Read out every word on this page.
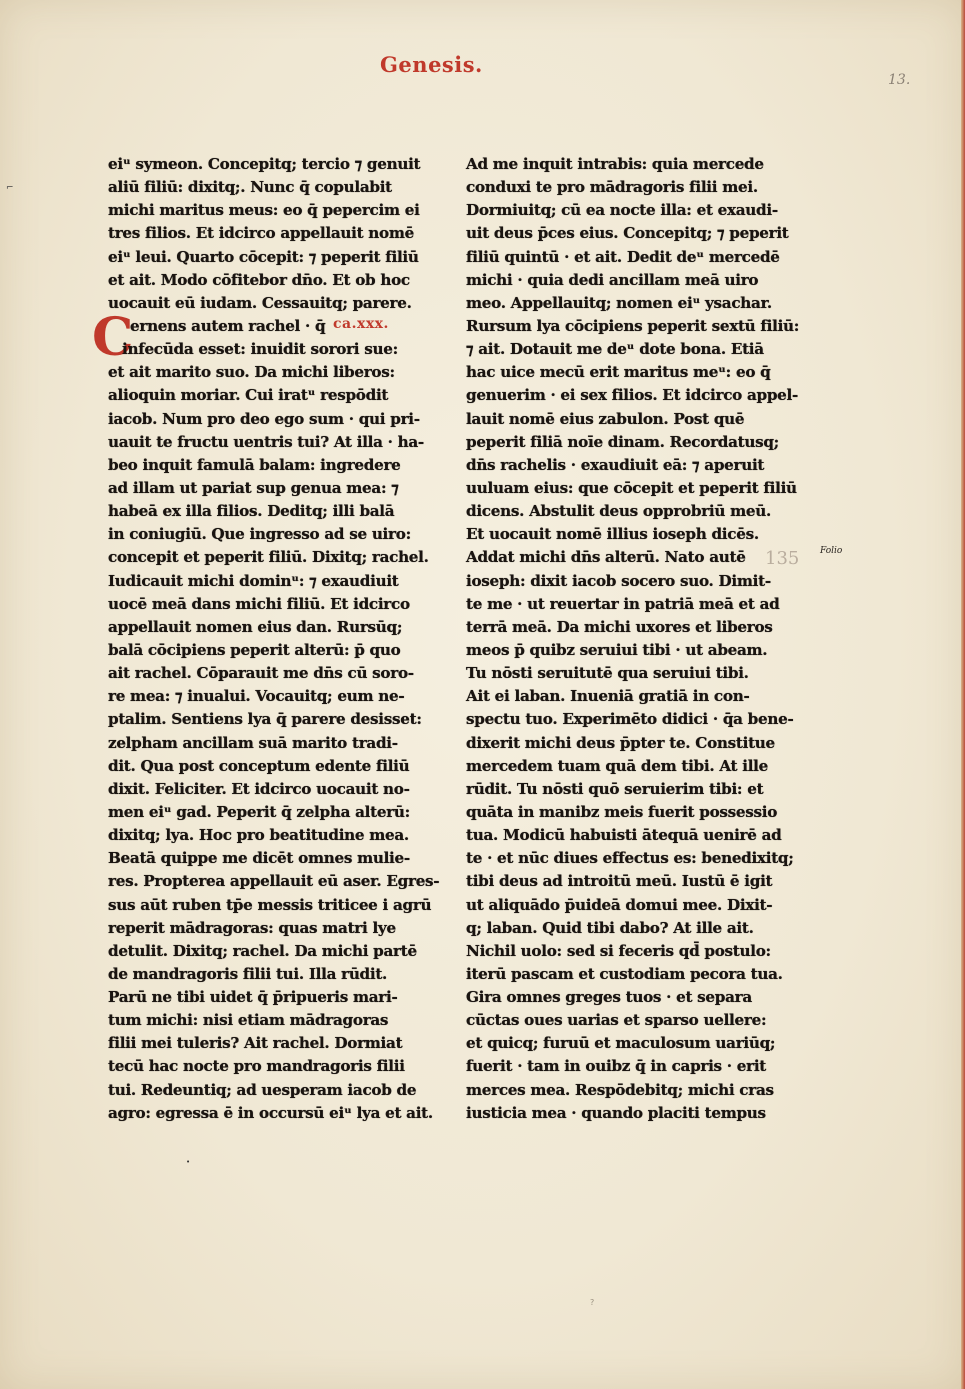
Genesis.
13.
C	ca.xxx.
eiᵘ symeon. Concepitq; tercio ⁊ genuit
aliū filiū: dixitq;. Nunc q̄ copulabit
michi maritus meus: eo q̄ pepercim ei
tres filios. Et idcirco appellauit nomē
eiᵘ leui. Quarto cōcepit: ⁊ peperit filiū
et ait. Modo cōfitebor dn̄o. Et ob hoc
uocauit eū iudam. Cessauitq; parere.
ernens autem rachel · q̄
infecūda esset: inuidit sorori sue:
et ait marito suo. Da michi liberos:
alioquin moriar. Cui iratᵘ respōdit
iacob. Num pro deo ego sum · qui pri-
uauit te fructu uentris tui? At illa · ha-
beo inquit famulā balam: ingredere
ad illam ut pariat sup genua mea: ⁊
habeā ex illa filios. Deditq; illi balā
in coniugiū. Que ingresso ad se uiro:
concepit et peperit filiū. Dixitq; rachel.
Iudicauit michi dominᵘ: ⁊ exaudiuit
uocē meā dans michi filiū. Et idcirco
appellauit nomen eius dan. Rursūq;
balā cōcipiens peperit alterū: p̄ quo
ait rachel. Cōparauit me dn̄s cū soro-
re mea: ⁊ inualui. Vocauitq; eum ne-
ptalim. Sentiens lya q̄ parere desisset:
zelpham ancillam suā marito tradi-
dit. Qua post conceptum edente filiū
dixit. Feliciter. Et idcirco uocauit no-
men eiᵘ gad. Peperit q̄ zelpha alterū:
dixitq; lya. Hoc pro beatitudine mea.
Beatā quippe me dicēt omnes mulie-
res. Propterea appellauit eū aser. Egres-
sus aūt ruben tp̄e messis triticee i agrū
reperit mādragoras: quas matri lye
detulit. Dixitq; rachel. Da michi partē
de mandragoris filii tui. Illa rūdit.
Parū ne tibi uidet q̄ p̄ripueris mari-
tum michi: nisi etiam mādragoras
filii mei tuleris? Ait rachel. Dormiat
tecū hac nocte pro mandragoris filii
tui. Redeuntiq; ad uesperam iacob de
agro: egressa ē in occursū eiᵘ lya et ait.
Ad me inquit intrabis: quia mercede
conduxi te pro mādragoris filii mei.
Dormiuitq; cū ea nocte illa: et exaudi-
uit deus p̄ces eius. Concepitq; ⁊ peperit
filiū quintū · et ait. Dedit deᵘ mercedē
michi · quia dedi ancillam meā uiro
meo. Appellauitq; nomen eiᵘ ysachar.
Rursum lya cōcipiens peperit sextū filiū:
⁊ ait. Dotauit me deᵘ dote bona. Etiā
hac uice mecū erit maritus meᵘ: eo q̄
genuerim · ei sex filios. Et idcirco appel-
lauit nomē eius zabulon. Post quē
peperit filiā noīe dinam. Recordatusq;
dn̄s rachelis · exaudiuit eā: ⁊ aperuit
uuluam eius: que cōcepit et peperit filiū
dicens. Abstulit deus opprobriū meū.
Et uocauit nomē illius ioseph dicēs.
Addat michi dn̄s alterū. Nato autē
ioseph: dixit iacob socero suo. Dimit-
te me · ut reuertar in patriā meā et ad
terrā meā. Da michi uxores et liberos
meos p̄ quibz seruiui tibi · ut abeam.
Tu nōsti seruitutē qua seruiui tibi.
Ait ei laban. Inueniā gratiā in con-
spectu tuo. Experimēto didici · q̄a bene-
dixerit michi deus p̄pter te. Constitue
mercedem tuam quā dem tibi. At ille
rūdit. Tu nōsti quō seruierim tibi: et
quāta in manibz meis fuerit possessio
tua. Modicū habuisti ātequā uenirē ad
te · et nūc diues effectus es: benedixitq;
tibi deus ad introitū meū. Iustū ē igit
ut aliquādo p̄uideā domui mee. Dixit-
q; laban. Quid tibi dabo? At ille ait.
Nichil uolo: sed si feceris qd̄ postulo:
iterū pascam et custodiam pecora tua.
Gira omnes greges tuos · et separa
cūctas oues uarias et sparso uellere:
et quicq; furuū et maculosum uariūq;
fuerit · tam in ouibz q̄ in capris · erit
merces mea. Respōdebitq; michi cras
iusticia mea · quando placiti tempus
135 Folio
⌐
•
?
